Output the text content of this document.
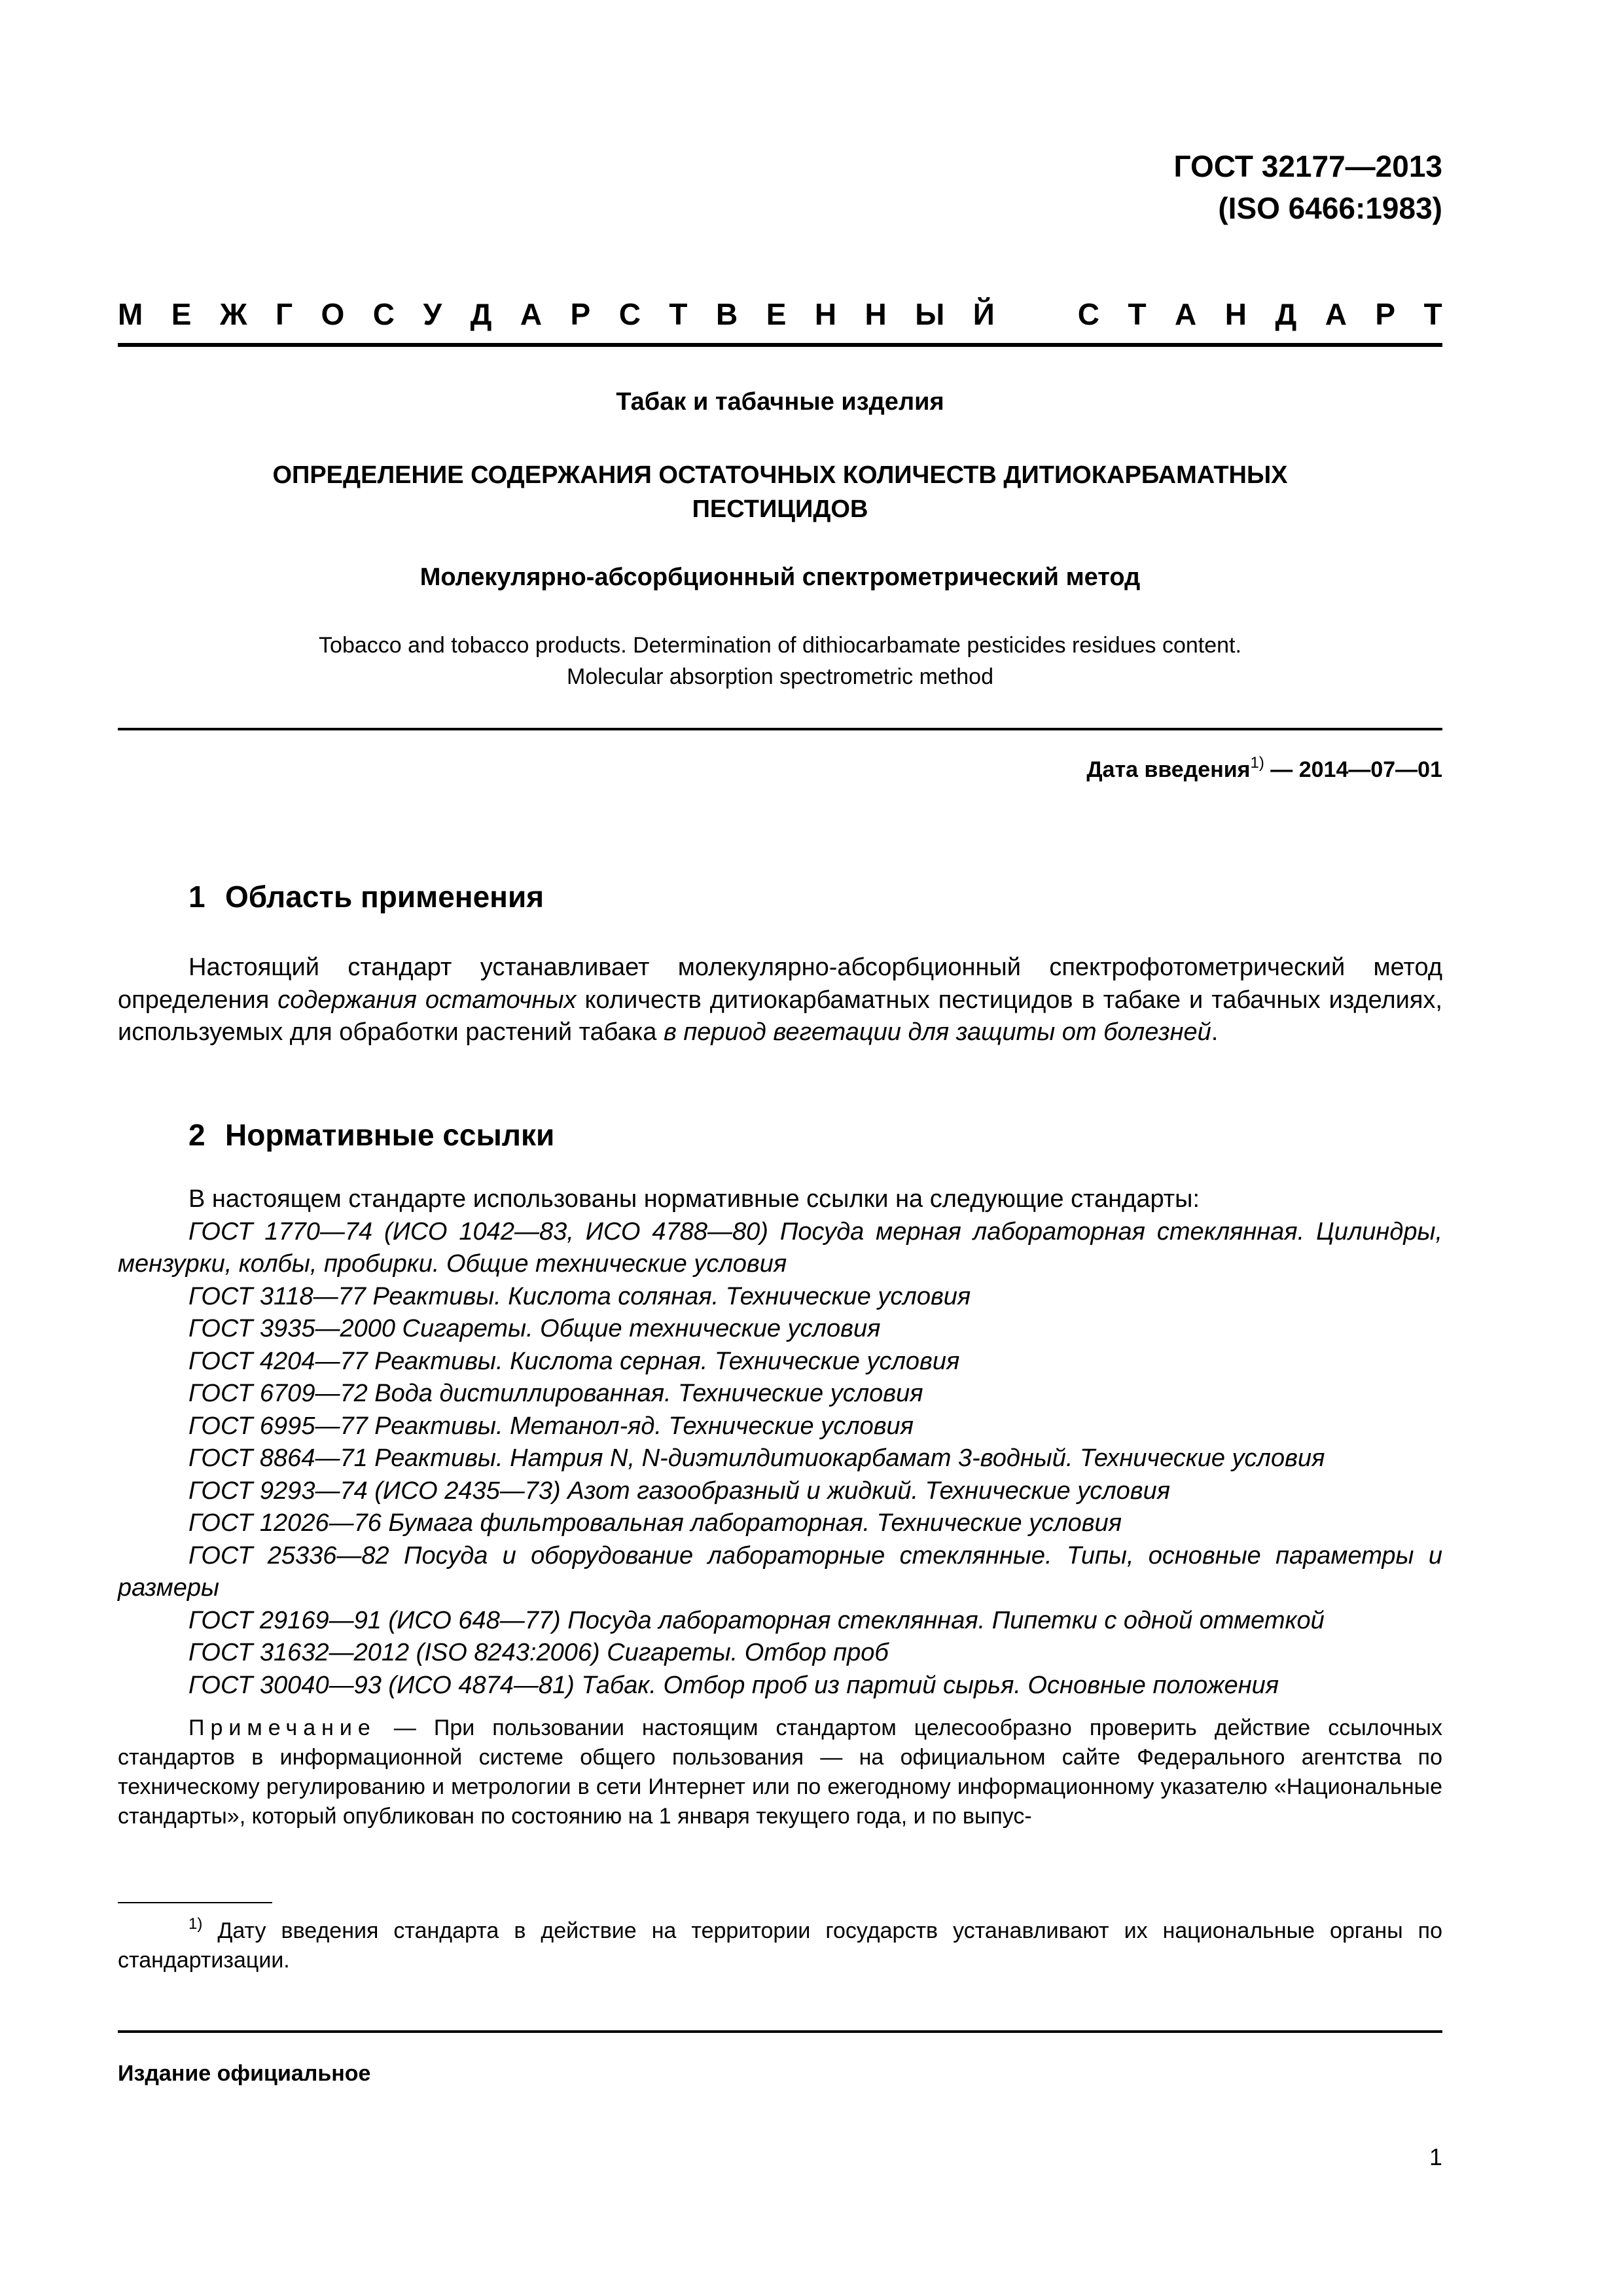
ГОСТ 32177—2013
(ISO 6466:1983)
М Е Ж Г О С У Д А Р С Т В Е Н Н Ы Й	С Т А Н Д А Р Т
Табак и табачные изделия
ОПРЕДЕЛЕНИЕ СОДЕРЖАНИЯ ОСТАТОЧНЫХ КОЛИЧЕСТВ ДИТИОКАРБАМАТНЫХ
ПЕСТИЦИДОВ
Молекулярно-абсорбционный спектрометрический метод
Tobacco and tobacco products. Determination of dithiocarbamate pesticides residues content.
Molecular absorption spectrometric method
Дата введения$^{1)}$ — 2014—07—01
1 Область применения
Настоящий стандарт устанавливает молекулярно-абсорбционный спектрофотометрический метод определения содержания остаточных количеств дитиокарбаматных пестицидов в табаке и табачных изделиях, используемых для обработки растений табака в период вегетации для защиты от болезней.
2 Нормативные ссылки
В настоящем стандарте использованы нормативные ссылки на следующие стандарты:
ГОСТ 1770—74 (ИСО 1042—83, ИСО 4788—80) Посуда мерная лабораторная стеклянная. Цилиндры, мензурки, колбы, пробирки. Общие технические условия
ГОСТ 3118—77 Реактивы. Кислота соляная. Технические условия
ГОСТ 3935—2000 Сигареты. Общие технические условия
ГОСТ 4204—77 Реактивы. Кислота серная. Технические условия
ГОСТ 6709—72 Вода дистиллированная. Технические условия
ГОСТ 6995—77 Реактивы. Метанол-яд. Технические условия
ГОСТ 8864—71 Реактивы. Натрия N, N-диэтилдитиокарбамат 3-водный. Технические условия
ГОСТ 9293—74 (ИСО 2435—73) Азот газообразный и жидкий. Технические условия
ГОСТ 12026—76 Бумага фильтровальная лабораторная. Технические условия
ГОСТ 25336—82 Посуда и оборудование лабораторные стеклянные. Типы, основные параметры и размеры
ГОСТ 29169—91 (ИСО 648—77) Посуда лабораторная стеклянная. Пипетки с одной отметкой
ГОСТ 31632—2012 (ISO 8243:2006) Сигареты. Отбор проб
ГОСТ 30040—93 (ИСО 4874—81) Табак. Отбор проб из партий сырья. Основные положения
Примечание — При пользовании настоящим стандартом целесообразно проверить действие ссылочных стандартов в информационной системе общего пользования — на официальном сайте Федерального агентства по техническому регулированию и метрологии в сети Интернет или по ежегодному информационному указателю «Национальные стандарты», который опубликован по состоянию на 1 января текущего года, и по выпус-
$^{1)}$ Дату введения стандарта в действие на территории государств устанавливают их национальные органы по стандартизации.
Издание официальное
1
